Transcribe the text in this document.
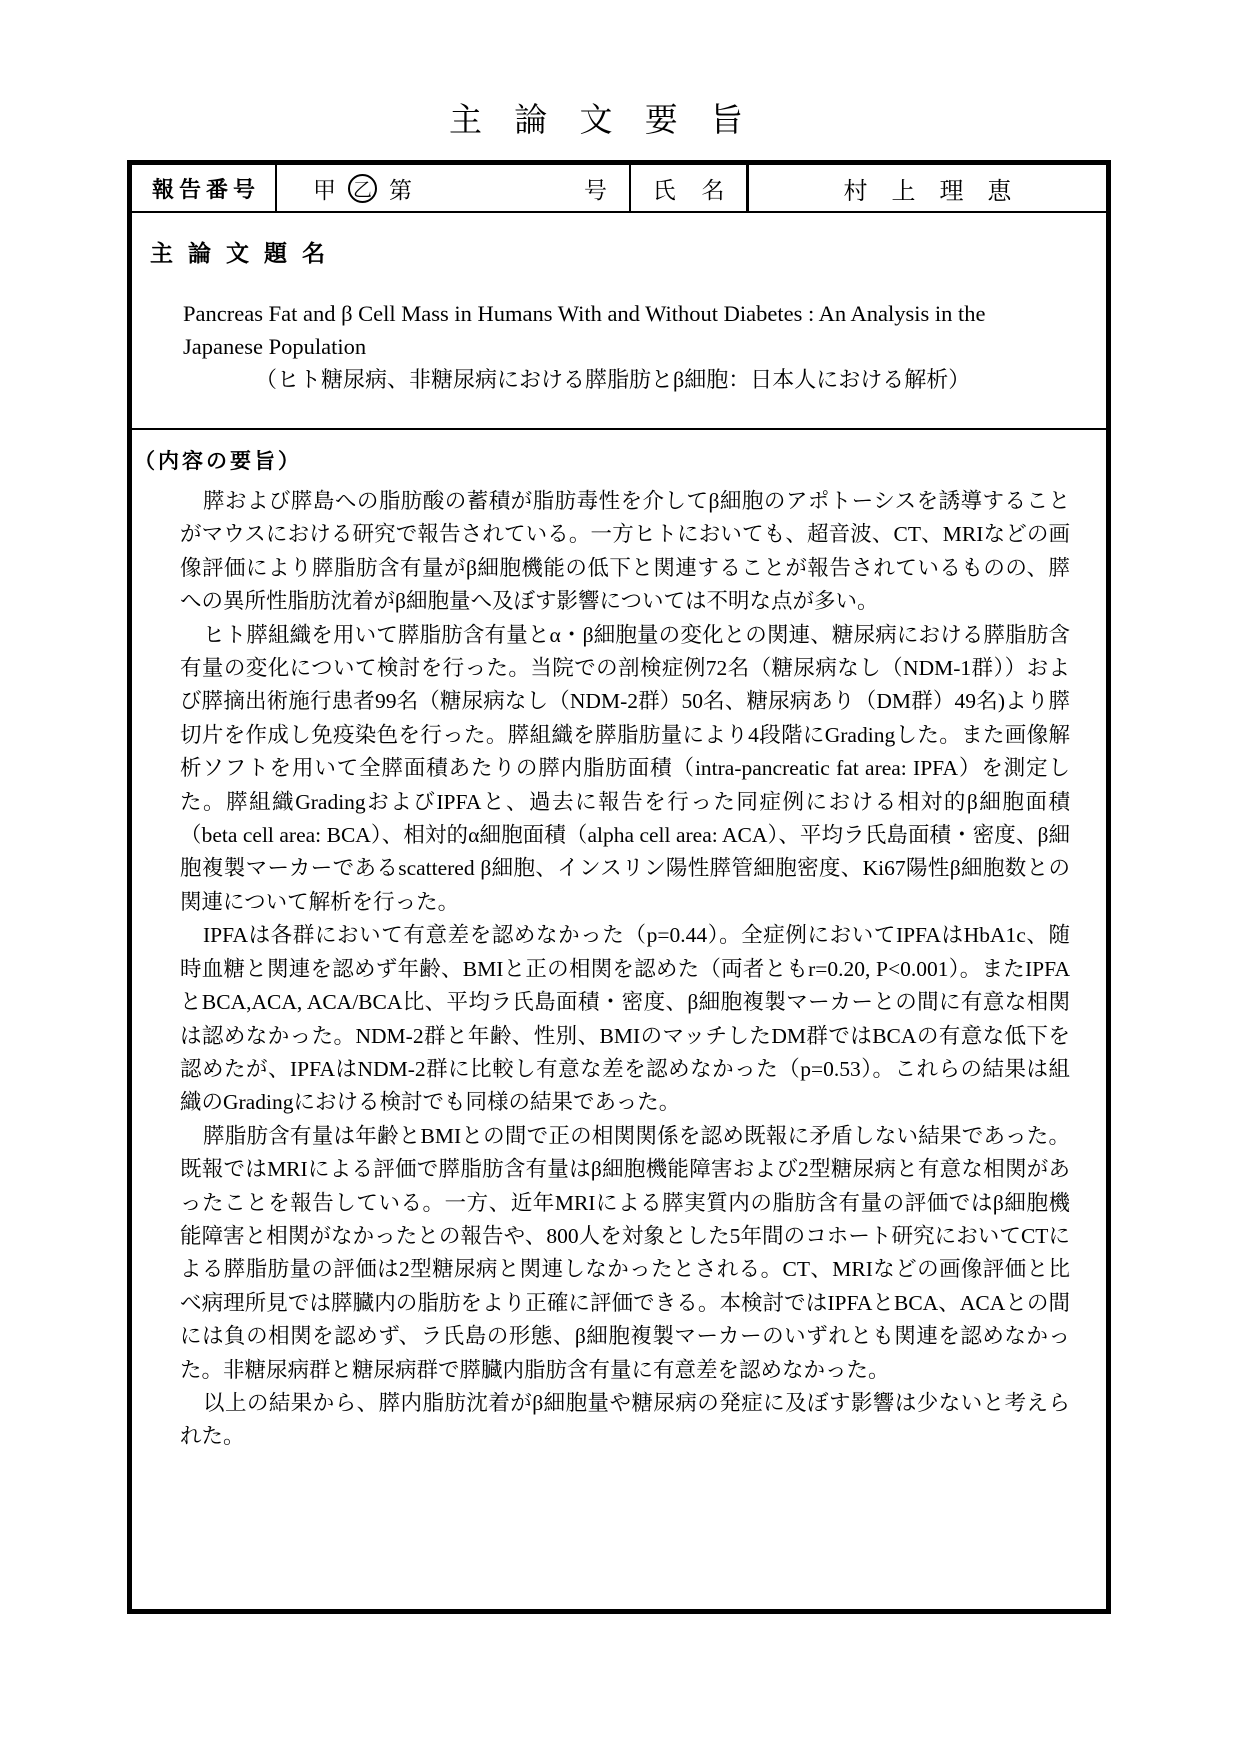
主 論 文 要 旨
報告番号	甲 乙 第	号	氏 名	村上理恵
主論文題名
Pancreas Fat and β Cell Mass in Humans With and Without Diabetes : An Analysis in the
Japanese Population
（ヒト糖尿病、非糖尿病における膵脂肪とβ細胞：日本人における解析）
（内容の要旨）

膵および膵島への脂肪酸の蓄積が脂肪毒性を介してβ細胞のアポトーシスを誘導することがマウスにおける研究で報告されている。一方ヒトにおいても、超音波、CT、MRIなどの画像評価により膵脂肪含有量がβ細胞機能の低下と関連することが報告されているものの、膵への異所性脂肪沈着がβ細胞量へ及ぼす影響については不明な点が多い。

ヒト膵組織を用いて膵脂肪含有量とα・β細胞量の変化との関連、糖尿病における膵脂肪含有量の変化について検討を行った。当院での剖検症例72名（糖尿病なし（NDM-1群））および膵摘出術施行患者99名（糖尿病なし（NDM-2群）50名、糖尿病あり（DM群）49名)より膵切片を作成し免疫染色を行った。膵組織を膵脂肪量により4段階にGradingした。また画像解析ソフトを用いて全膵面積あたりの膵内脂肪面積（intra-pancreatic fat area: IPFA）を測定した。膵組織GradingおよびIPFAと、過去に報告を行った同症例における相対的β細胞面積（beta cell area: BCA）、相対的α細胞面積（alpha cell area: ACA）、平均ラ氏島面積・密度、β細胞複製マーカーであるscattered β細胞、インスリン陽性膵管細胞密度、Ki67陽性β細胞数との関連について解析を行った。

IPFAは各群において有意差を認めなかった（p=0.44）。全症例においてIPFAはHbA1c、随時血糖と関連を認めず年齢、BMIと正の相関を認めた（両者ともr=0.20, P<0.001）。またIPFAとBCA,ACA, ACA/BCA比、平均ラ氏島面積・密度、β細胞複製マーカーとの間に有意な相関は認めなかった。NDM-2群と年齢、性別、BMIのマッチしたDM群ではBCAの有意な低下を認めたが、IPFAはNDM-2群に比較し有意な差を認めなかった（p=0.53）。これらの結果は組織のGradingにおける検討でも同様の結果であった。

膵脂肪含有量は年齢とBMIとの間で正の相関関係を認め既報に矛盾しない結果であった。既報ではMRIによる評価で膵脂肪含有量はβ細胞機能障害および2型糖尿病と有意な相関があったことを報告している。一方、近年MRIによる膵実質内の脂肪含有量の評価ではβ細胞機能障害と相関がなかったとの報告や、800人を対象とした5年間のコホート研究においてCTによる膵脂肪量の評価は2型糖尿病と関連しなかったとされる。CT、MRIなどの画像評価と比べ病理所見では膵臓内の脂肪をより正確に評価できる。本検討ではIPFAとBCA、ACAとの間には負の相関を認めず、ラ氏島の形態、β細胞複製マーカーのいずれとも関連を認めなかった。非糖尿病群と糖尿病群で膵臓内脂肪含有量に有意差を認めなかった。

以上の結果から、膵内脂肪沈着がβ細胞量や糖尿病の発症に及ぼす影響は少ないと考えられた。
